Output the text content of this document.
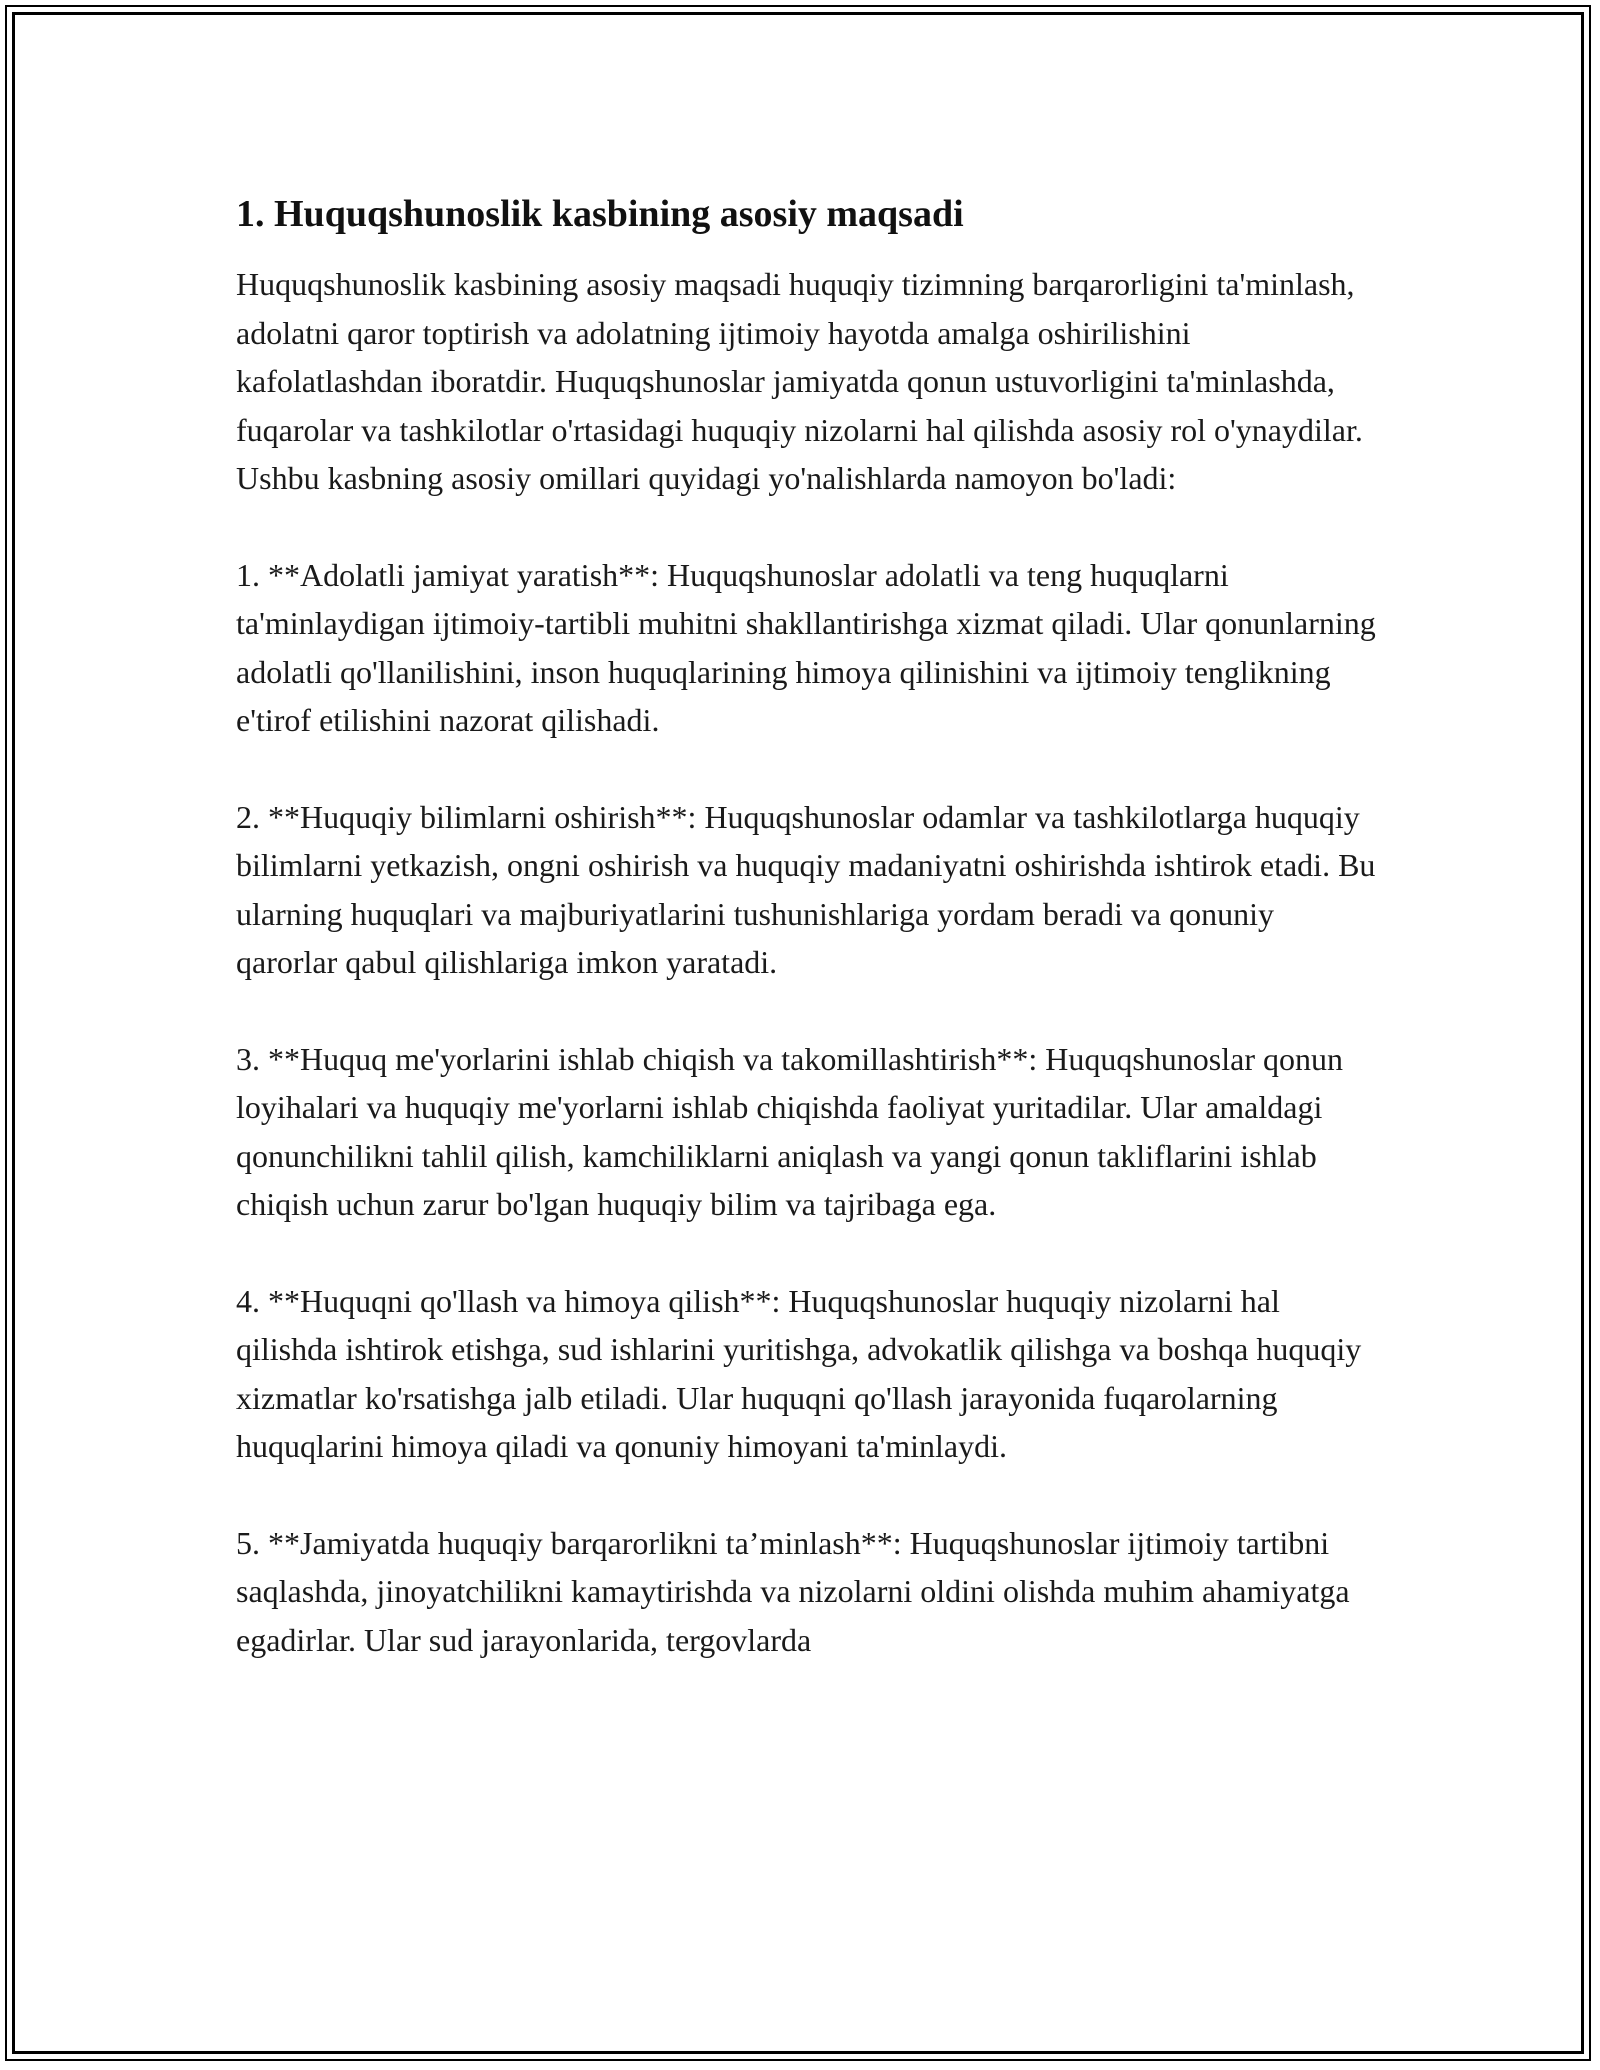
1. Huquqshunoslik kasbining asosiy maqsadi

Huquqshunoslik kasbining asosiy maqsadi huquqiy tizimning barqarorligini ta'minlash, adolatni qaror toptirish va adolatning ijtimoiy hayotda amalga oshirilishini kafolatlashdan iboratdir. Huquqshunoslar jamiyatda qonun ustuvorligini ta'minlashda, fuqarolar va tashkilotlar o'rtasidagi huquqiy nizolarni hal qilishda asosiy rol o'ynaydilar. Ushbu kasbning asosiy omillari quyidagi yo'nalishlarda namoyon bo'ladi:

1. **Adolatli jamiyat yaratish**: Huquqshunoslar adolatli va teng huquqlarni ta'minlaydigan ijtimoiy-tartibli muhitni shakllantirishga xizmat qiladi. Ular qonunlarning adolatli qo'llanilishini, inson huquqlarining himoya qilinishini va ijtimoiy tenglikning e'tirof etilishini nazorat qilishadi.

2. **Huquqiy bilimlarni oshirish**: Huquqshunoslar odamlar va tashkilotlarga huquqiy bilimlarni yetkazish, ongni oshirish va huquqiy madaniyatni oshirishda ishtirok etadi. Bu ularning huquqlari va majburiyatlarini tushunishlariga yordam beradi va qonuniy qarorlar qabul qilishlariga imkon yaratadi.

3. **Huquq me'yorlarini ishlab chiqish va takomillashtirish**: Huquqshunoslar qonun loyihalari va huquqiy me'yorlarni ishlab chiqishda faoliyat yuritadilar. Ular amaldagi qonunchilikni tahlil qilish, kamchiliklarni aniqlash va yangi qonun takliflarini ishlab chiqish uchun zarur bo'lgan huquqiy bilim va tajribaga ega.

4. **Huquqni qo'llash va himoya qilish**: Huquqshunoslar huquqiy nizolarni hal qilishda ishtirok etishga, sud ishlarini yuritishga, advokatlik qilishga va boshqa huquqiy xizmatlar ko'rsatishga jalb etiladi. Ular huquqni qo'llash jarayonida fuqarolarning huquqlarini himoya qiladi va qonuniy himoyani ta'minlaydi.

5. **Jamiyatda huquqiy barqarorlikni ta’minlash**: Huquqshunoslar ijtimoiy tartibni saqlashda, jinoyatchilikni kamaytirishda va nizolarni oldini olishda muhim ahamiyatga egadirlar. Ular sud jarayonlarida, tergovlarda
